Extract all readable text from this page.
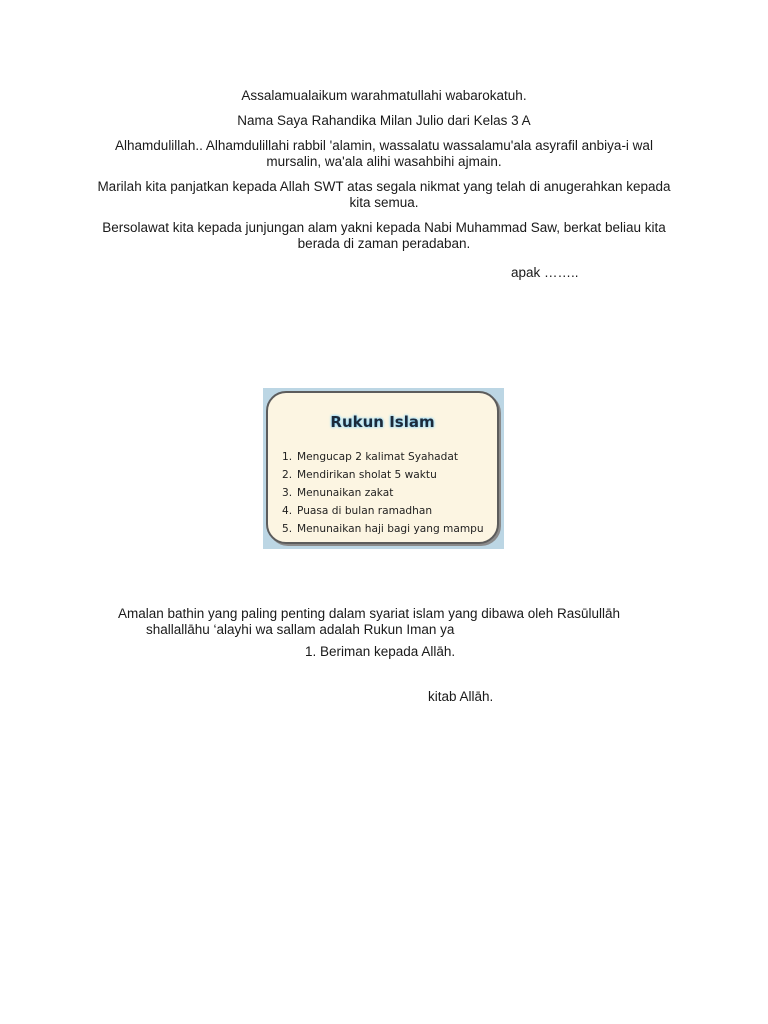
Assalamualaikum warahmatullahi wabarokatuh.

Nama Saya Rahandika Milan Julio dari Kelas 3 A

Alhamdulillah.. Alhamdulillahi rabbil 'alamin, wassalatu wassalamu'ala asyrafil anbiya-i wal mursalin, wa'ala alihi wasahbihi ajmain.

Marilah kita panjatkan kepada Allah SWT atas segala nikmat yang telah di anugerahkan kepada kita semua.

Bersolawat kita kepada junjungan alam yakni kepada Nabi Muhammad Saw, berkat beliau kita berada di zaman peradaban.

apak ……..

Rukun Islam
1. Mengucap 2 kalimat Syahadat
2. Mendirikan sholat 5 waktu
3. Menunaikan zakat
4. Puasa di bulan ramadhan
5. Menunaikan haji bagi yang mampu

Amalan bathin yang paling penting dalam syariat islam yang dibawa oleh Rasūlullāh
shallallāhu ‘alayhi wa sallam adalah Rukun Iman ya

1. Beriman kepada Allāh.

kitab Allāh.
